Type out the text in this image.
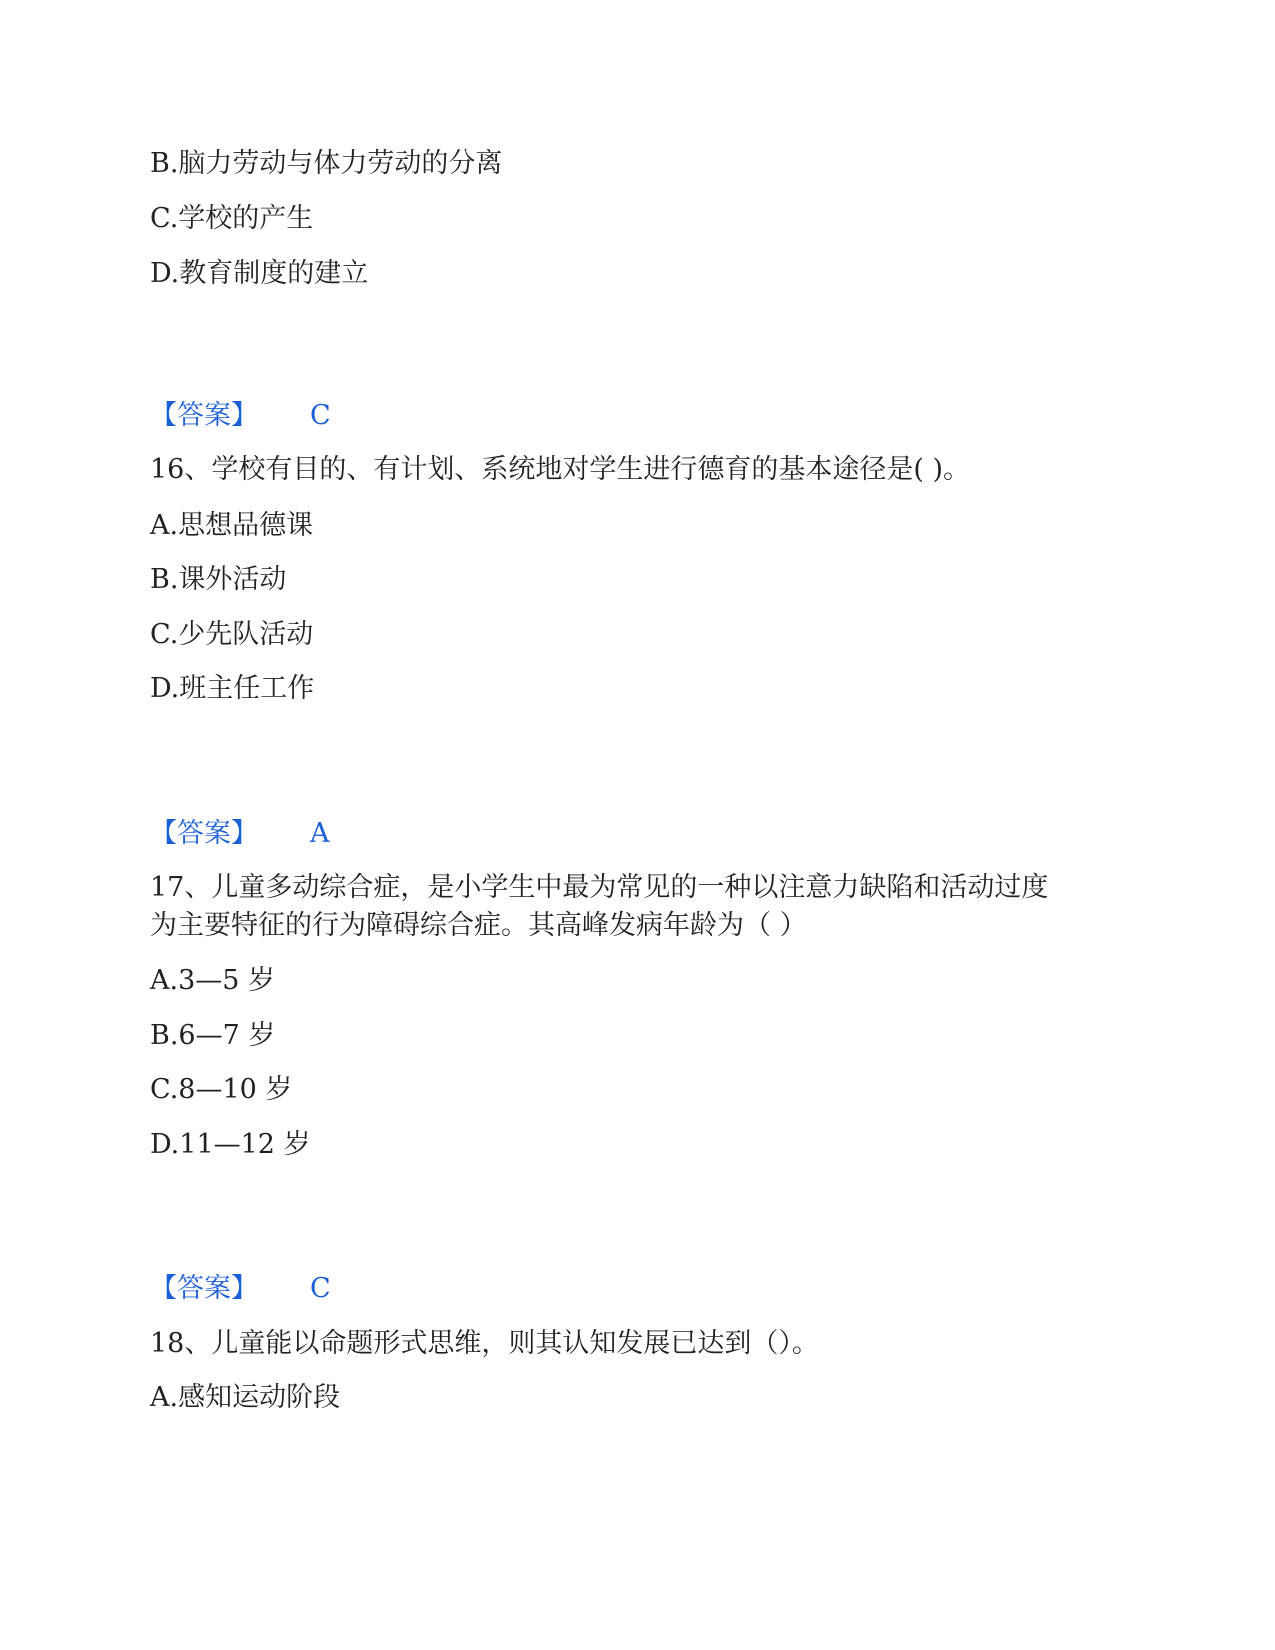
B.脑力劳动与体力劳动的分离
C.学校的产生
D.教育制度的建立
【答案】 C
16、学校有目的、有计划、系统地对学生进行德育的基本途径是( )。
A.思想品德课
B.课外活动
C.少先队活动
D.班主任工作
【答案】 A
17、儿童多动综合症，是小学生中最为常见的一种以注意力缺陷和活动过度
为主要特征的行为障碍综合症。其高峰发病年龄为（ ）
A.3—5 岁
B.6—7 岁
C.8—10 岁
D.11—12 岁
【答案】 C
18、儿童能以命题形式思维，则其认知发展已达到（）。
A.感知运动阶段
